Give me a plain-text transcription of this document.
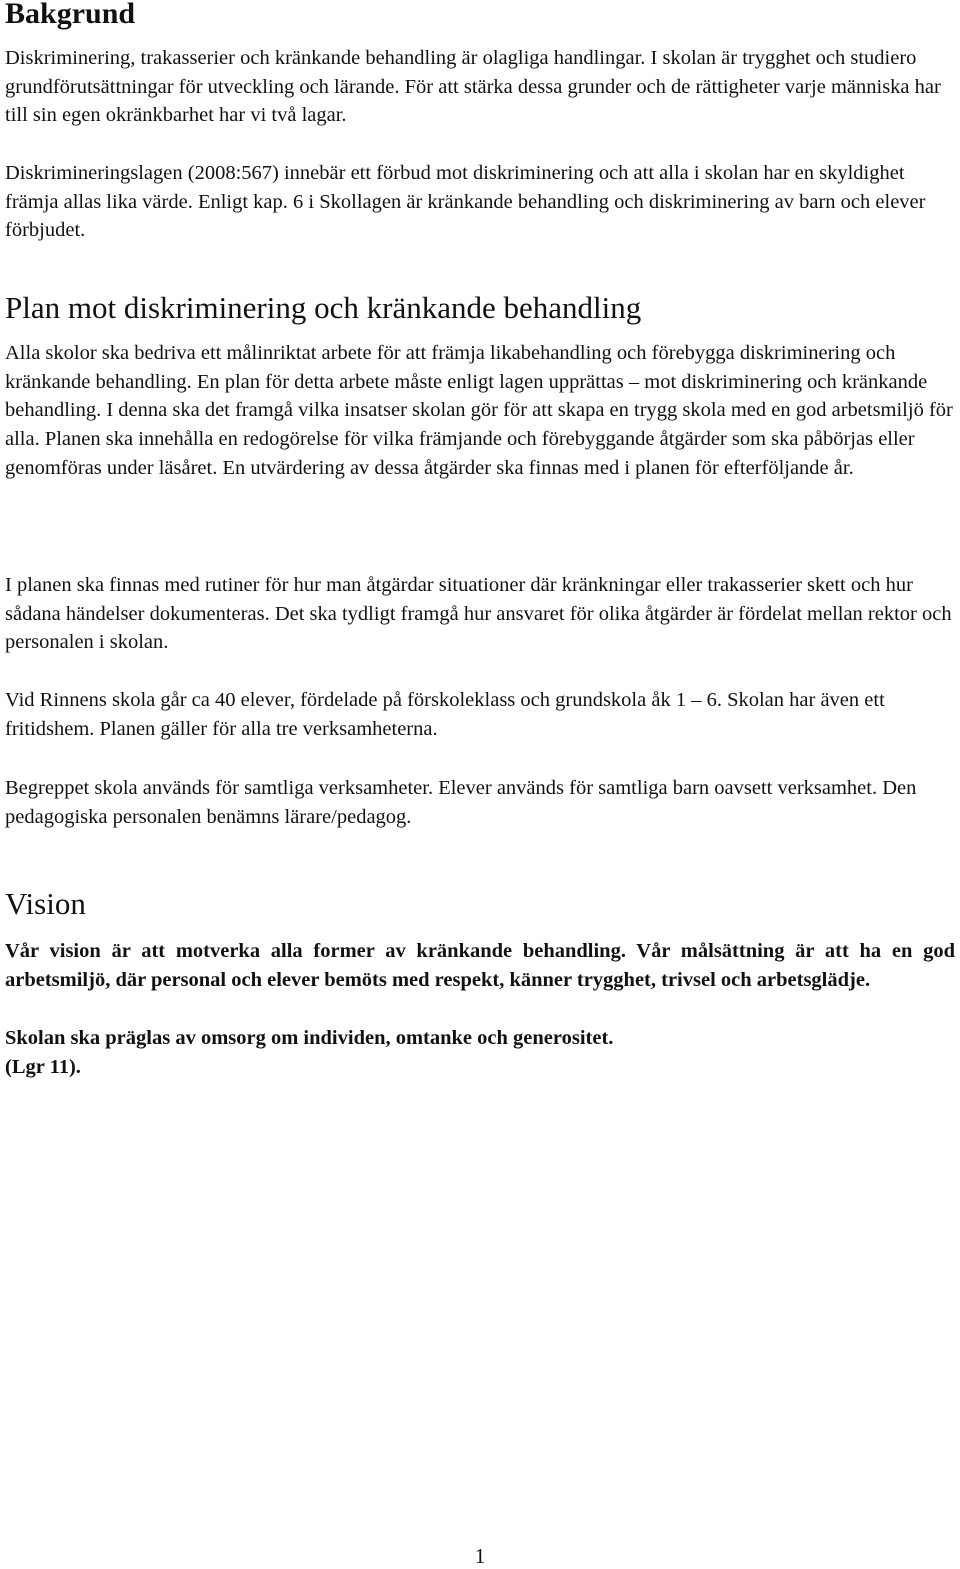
Bakgrund

Diskriminering, trakasserier och kränkande behandling är olagliga handlingar. I skolan är trygghet och studiero grundförutsättningar för utveckling och lärande. För att stärka dessa grunder och de rättigheter varje människa har till sin egen okränkbarhet har vi två lagar.

Diskrimineringslagen (2008:567) innebär ett förbud mot diskriminering och att alla i skolan har en skyldighet främja allas lika värde. Enligt kap. 6 i Skollagen är kränkande behandling och diskriminering av barn och elever förbjudet.

Plan mot diskriminering och kränkande behandling

Alla skolor ska bedriva ett målinriktat arbete för att främja likabehandling och förebygga diskriminering och kränkande behandling. En plan för detta arbete måste enligt lagen upprättas – mot diskriminering och kränkande behandling. I denna ska det framgå vilka insatser skolan gör för att skapa en trygg skola med en god arbetsmiljö för alla. Planen ska innehålla en redogörelse för vilka främjande och förebyggande åtgärder som ska påbörjas eller genomföras under läsåret. En utvärdering av dessa åtgärder ska finnas med i planen för efterföljande år.

I planen ska finnas med rutiner för hur man åtgärdar situationer där kränkningar eller trakasserier skett och hur sådana händelser dokumenteras. Det ska tydligt framgå hur ansvaret för olika åtgärder är fördelat mellan rektor och personalen i skolan.

Vid Rinnens skola går ca 40 elever, fördelade på förskoleklass och grundskola åk 1 – 6. Skolan har även ett fritidshem. Planen gäller för alla tre verksamheterna.

Begreppet skola används för samtliga verksamheter. Elever används för samtliga barn oavsett verksamhet. Den pedagogiska personalen benämns lärare/pedagog.

Vision

Vår vision är att motverka alla former av kränkande behandling. Vår målsättning är att ha en god arbetsmiljö, där personal och elever bemöts med respekt, känner trygghet, trivsel och arbetsglädje.

Skolan ska präglas av omsorg om individen, omtanke och generositet.

(Lgr 11).

1
